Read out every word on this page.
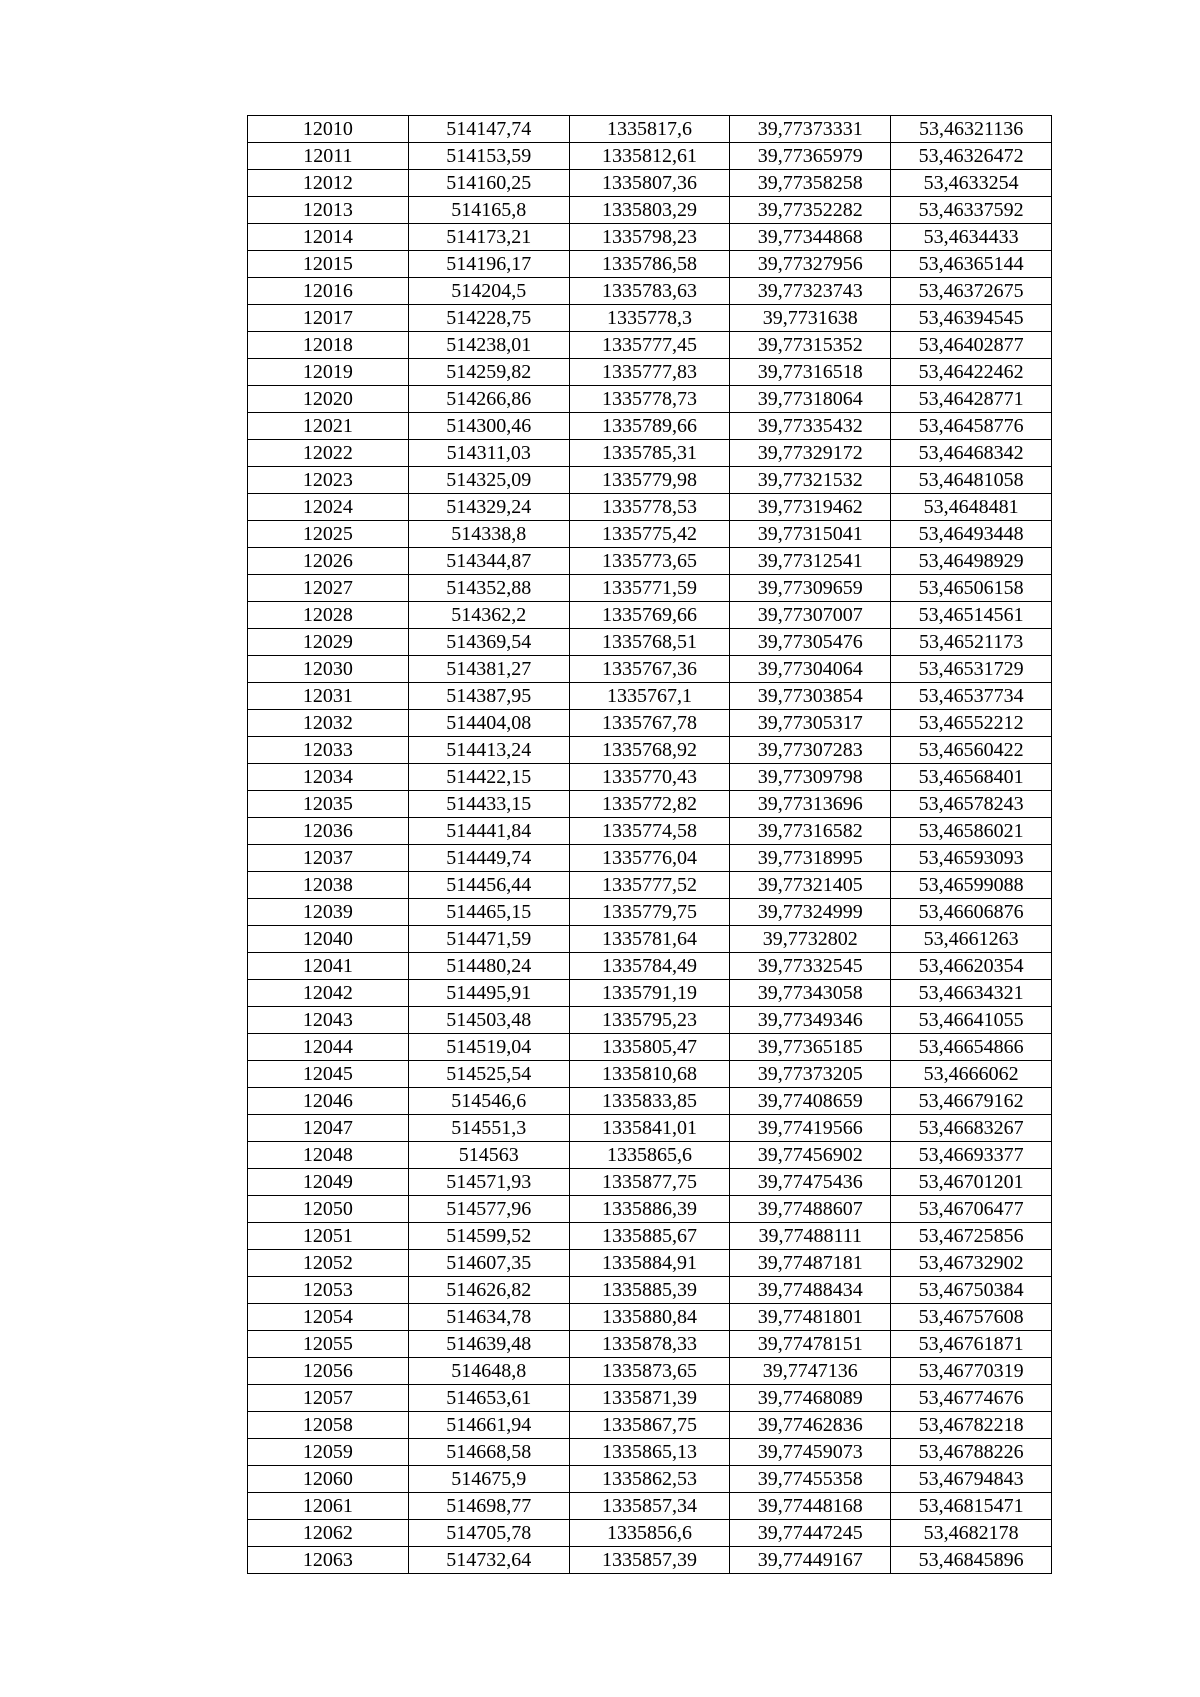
12010	514147,74	1335817,6	39,77373331	53,46321136
12011	514153,59	1335812,61	39,77365979	53,46326472
12012	514160,25	1335807,36	39,77358258	53,4633254
12013	514165,8	1335803,29	39,77352282	53,46337592
12014	514173,21	1335798,23	39,77344868	53,4634433
12015	514196,17	1335786,58	39,77327956	53,46365144
12016	514204,5	1335783,63	39,77323743	53,46372675
12017	514228,75	1335778,3	39,7731638	53,46394545
12018	514238,01	1335777,45	39,77315352	53,46402877
12019	514259,82	1335777,83	39,77316518	53,46422462
12020	514266,86	1335778,73	39,77318064	53,46428771
12021	514300,46	1335789,66	39,77335432	53,46458776
12022	514311,03	1335785,31	39,77329172	53,46468342
12023	514325,09	1335779,98	39,77321532	53,46481058
12024	514329,24	1335778,53	39,77319462	53,4648481
12025	514338,8	1335775,42	39,77315041	53,46493448
12026	514344,87	1335773,65	39,77312541	53,46498929
12027	514352,88	1335771,59	39,77309659	53,46506158
12028	514362,2	1335769,66	39,77307007	53,46514561
12029	514369,54	1335768,51	39,77305476	53,46521173
12030	514381,27	1335767,36	39,77304064	53,46531729
12031	514387,95	1335767,1	39,77303854	53,46537734
12032	514404,08	1335767,78	39,77305317	53,46552212
12033	514413,24	1335768,92	39,77307283	53,46560422
12034	514422,15	1335770,43	39,77309798	53,46568401
12035	514433,15	1335772,82	39,77313696	53,46578243
12036	514441,84	1335774,58	39,77316582	53,46586021
12037	514449,74	1335776,04	39,77318995	53,46593093
12038	514456,44	1335777,52	39,77321405	53,46599088
12039	514465,15	1335779,75	39,77324999	53,46606876
12040	514471,59	1335781,64	39,7732802	53,4661263
12041	514480,24	1335784,49	39,77332545	53,46620354
12042	514495,91	1335791,19	39,77343058	53,46634321
12043	514503,48	1335795,23	39,77349346	53,46641055
12044	514519,04	1335805,47	39,77365185	53,46654866
12045	514525,54	1335810,68	39,77373205	53,4666062
12046	514546,6	1335833,85	39,77408659	53,46679162
12047	514551,3	1335841,01	39,77419566	53,46683267
12048	514563	1335865,6	39,77456902	53,46693377
12049	514571,93	1335877,75	39,77475436	53,46701201
12050	514577,96	1335886,39	39,77488607	53,46706477
12051	514599,52	1335885,67	39,77488111	53,46725856
12052	514607,35	1335884,91	39,77487181	53,46732902
12053	514626,82	1335885,39	39,77488434	53,46750384
12054	514634,78	1335880,84	39,77481801	53,46757608
12055	514639,48	1335878,33	39,77478151	53,46761871
12056	514648,8	1335873,65	39,7747136	53,46770319
12057	514653,61	1335871,39	39,77468089	53,46774676
12058	514661,94	1335867,75	39,77462836	53,46782218
12059	514668,58	1335865,13	39,77459073	53,46788226
12060	514675,9	1335862,53	39,77455358	53,46794843
12061	514698,77	1335857,34	39,77448168	53,46815471
12062	514705,78	1335856,6	39,77447245	53,4682178
12063	514732,64	1335857,39	39,77449167	53,46845896
